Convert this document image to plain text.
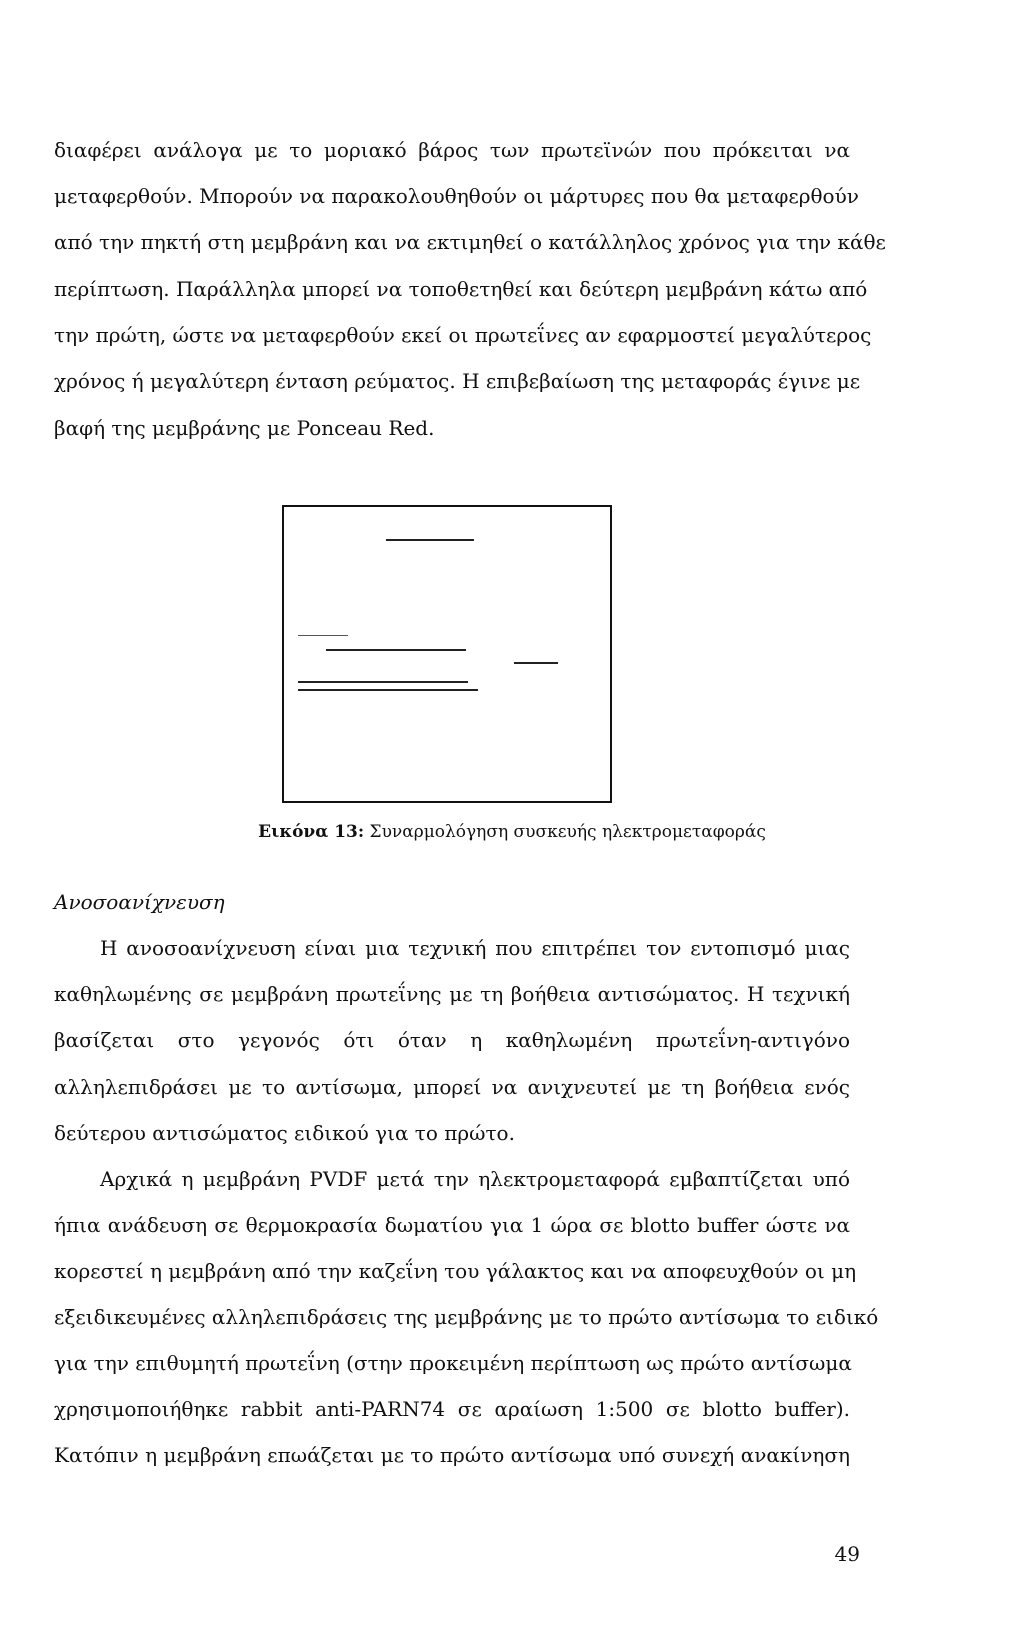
διαφέρει ανάλογα με το μοριακό βάρος των πρωτεϊνών που πρόκειται να
μεταφερθούν. Μπορούν να παρακολουθηθούν οι μάρτυρες που θα μεταφερθούν
από την πηκτή στη μεμβράνη και να εκτιμηθεί ο κατάλληλος χρόνος για την κάθε
περίπτωση. Παράλληλα μπορεί να τοποθετηθεί και δεύτερη μεμβράνη κάτω από
την πρώτη, ώστε να μεταφερθούν εκεί οι πρωτεΐνες αν εφαρμοστεί μεγαλύτερος
χρόνος ή μεγαλύτερη ένταση ρεύματος. Η επιβεβαίωση της μεταφοράς έγινε με
βαφή της μεμβράνης με Ponceau Red.
Εικόνα 13: Συναρμολόγηση συσκευής ηλεκτρομεταφοράς
Ανοσοανίχνευση
Η ανοσοανίχνευση είναι μια τεχνική που επιτρέπει τον εντοπισμό μιας
καθηλωμένης σε μεμβράνη πρωτεΐνης με τη βοήθεια αντισώματος. Η τεχνική
βασίζεται στο γεγονός ότι όταν η καθηλωμένη πρωτεΐνη-αντιγόνο
αλληλεπιδράσει με το αντίσωμα, μπορεί να ανιχνευτεί με τη βοήθεια ενός
δεύτερου αντισώματος ειδικού για το πρώτο.
Αρχικά η μεμβράνη PVDF μετά την ηλεκτρομεταφορά εμβαπτίζεται υπό
ήπια ανάδευση σε θερμοκρασία δωματίου για 1 ώρα σε blotto buffer ώστε να
κορεστεί η μεμβράνη από την καζεΐνη του γάλακτος και να αποφευχθούν οι μη
εξειδικευμένες αλληλεπιδράσεις της μεμβράνης με το πρώτο αντίσωμα το ειδικό
για την επιθυμητή πρωτεΐνη (στην προκειμένη περίπτωση ως πρώτο αντίσωμα
χρησιμοποιήθηκε rabbit anti-PARN74 σε αραίωση 1:500 σε blotto buffer).
Κατόπιν η μεμβράνη επωάζεται με το πρώτο αντίσωμα υπό συνεχή ανακίνηση
49
